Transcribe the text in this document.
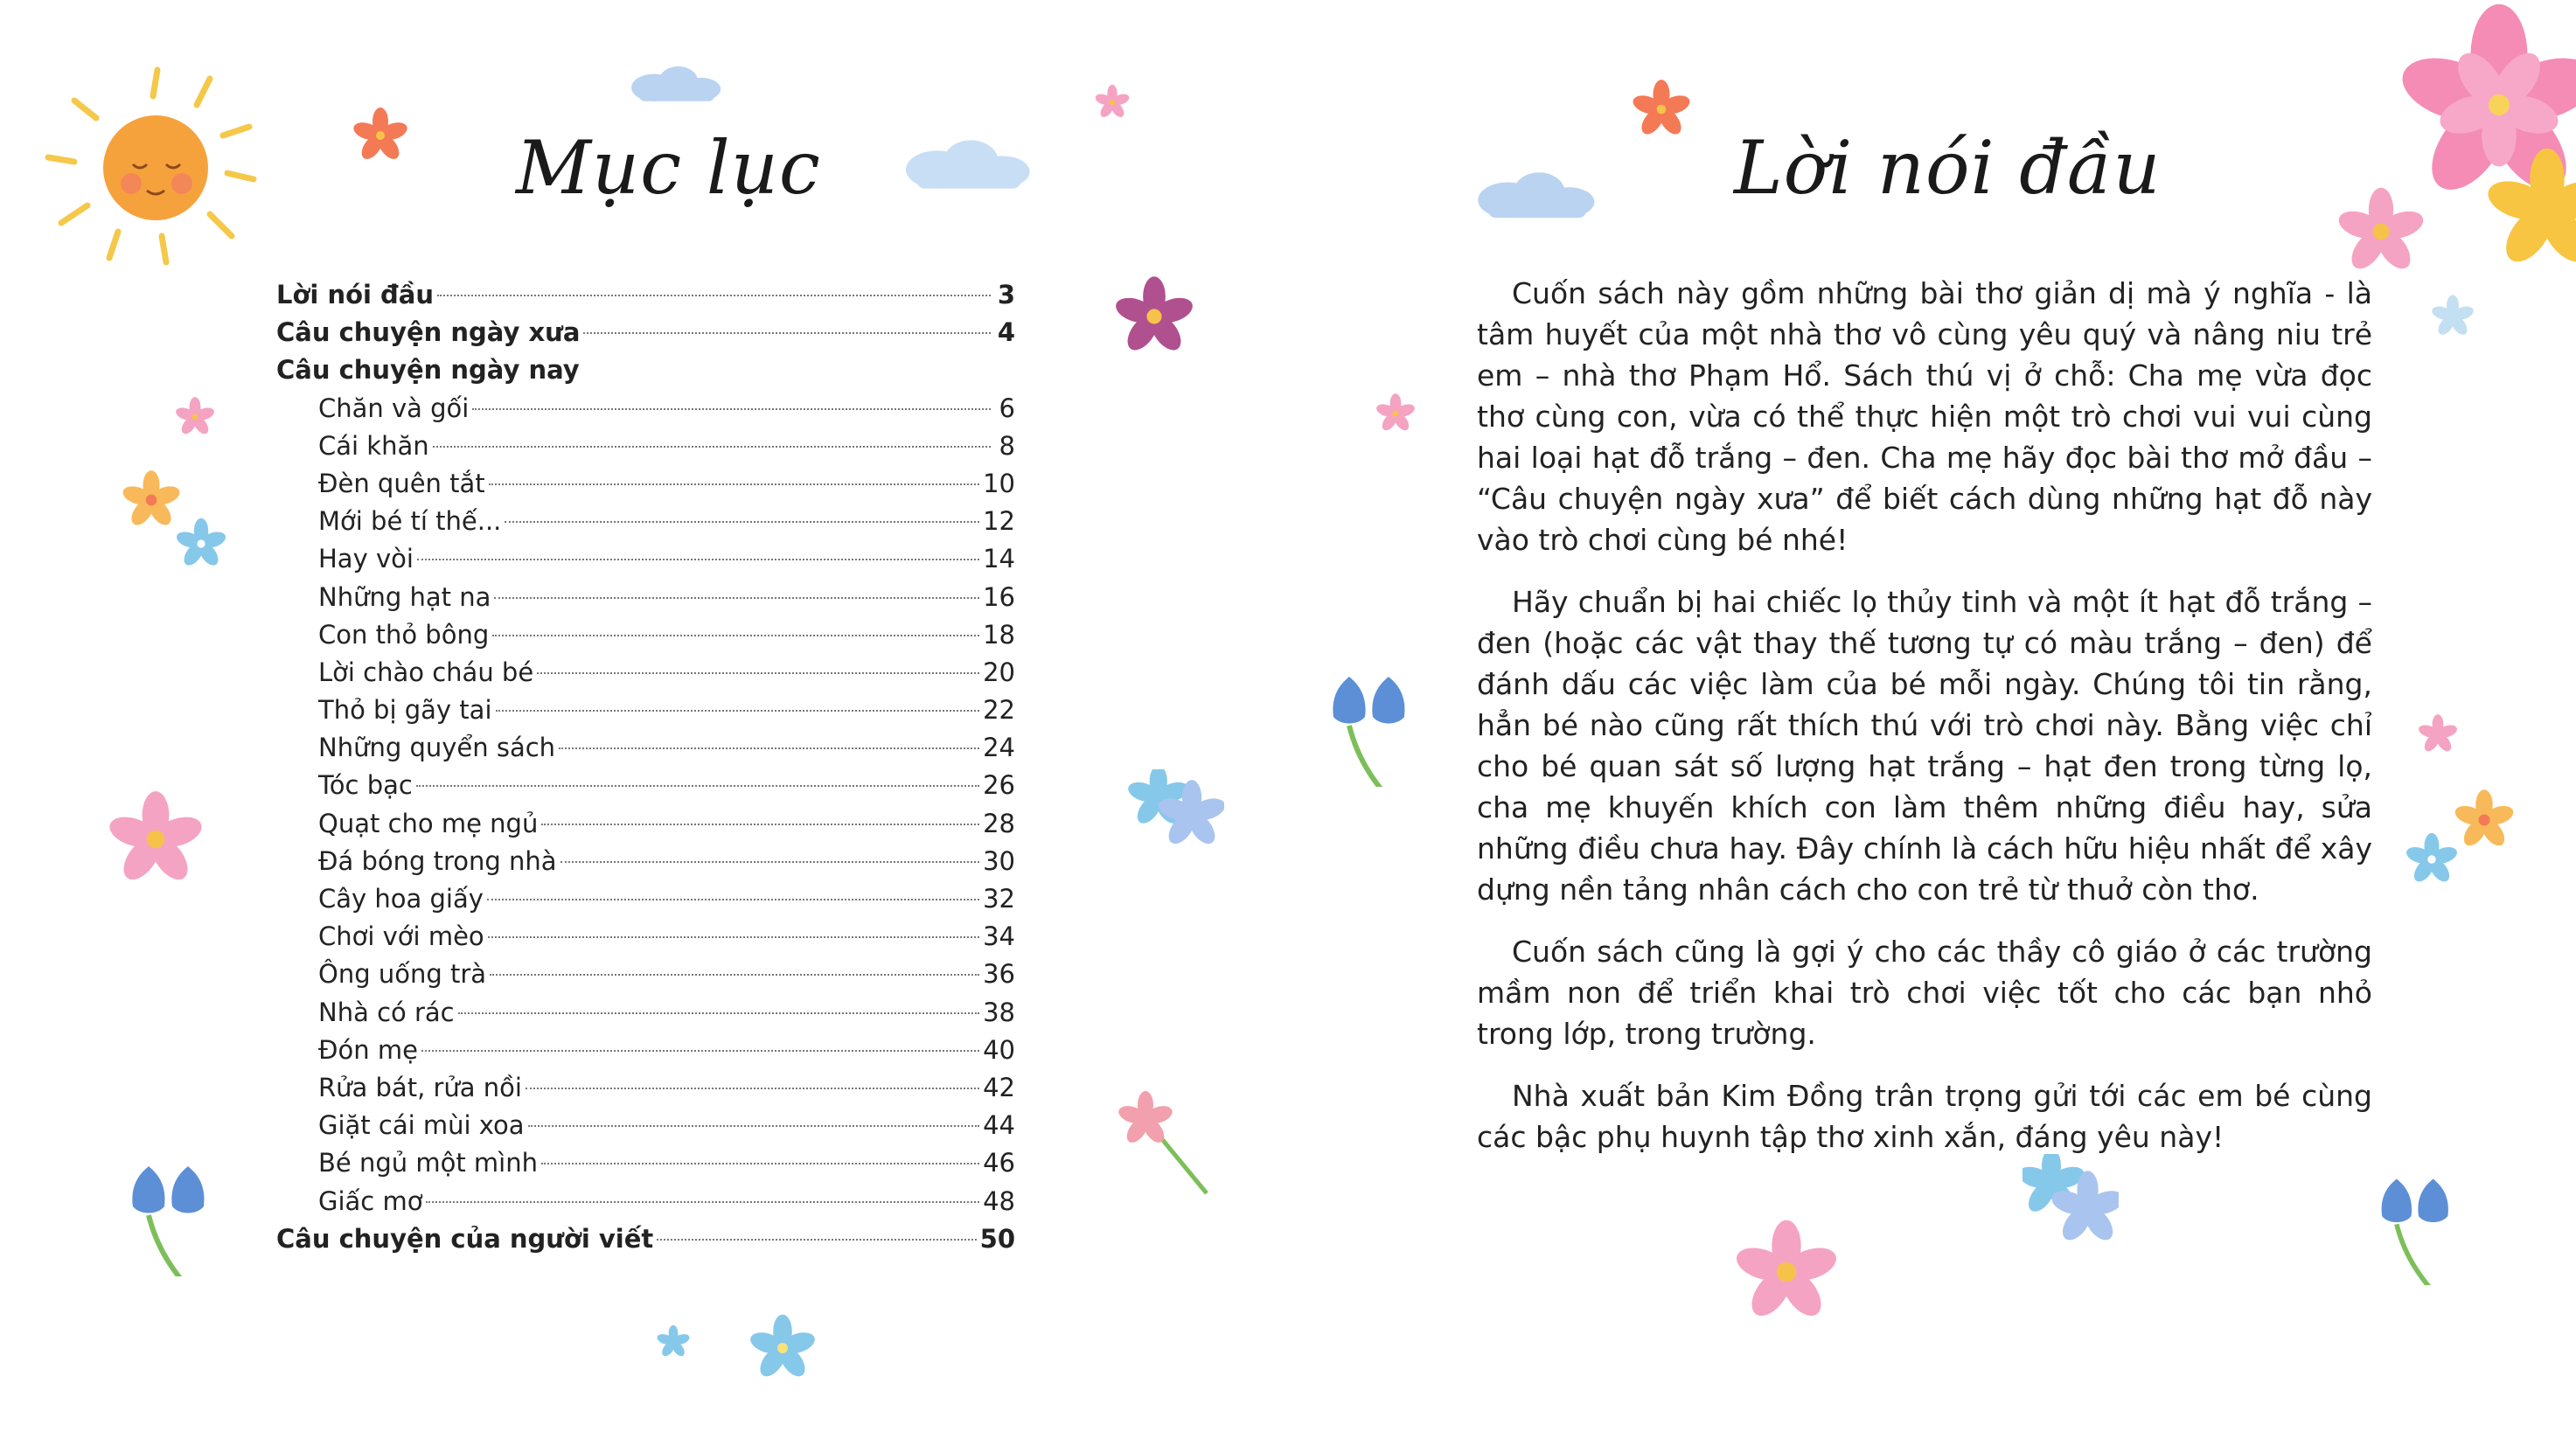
Mục lục
Lời nói đầu	3
Câu chuyện ngày xưa	4
Câu chuyện ngày nay
Chăn và gối	6
Cái khăn	8
Đèn quên tắt	10
Mới bé tí thế...	12
Hay vòi	14
Những hạt na	16
Con thỏ bông	18
Lời chào cháu bé	20
Thỏ bị gãy tai	22
Những quyển sách	24
Tóc bạc	26
Quạt cho mẹ ngủ	28
Đá bóng trong nhà	30
Cây hoa giấy	32
Chơi với mèo	34
Ông uống trà	36
Nhà có rác	38
Đón mẹ	40
Rửa bát, rửa nồi	42
Giặt cái mùi xoa	44
Bé ngủ một mình	46
Giấc mơ	48
Câu chuyện của người viết	50
Lời nói đầu

Cuốn sách này gồm những bài thơ giản dị mà ý nghĩa - là tâm huyết của một nhà thơ vô cùng yêu quý và nâng niu trẻ em – nhà thơ Phạm Hổ. Sách thú vị ở chỗ: Cha mẹ vừa đọc thơ cùng con, vừa có thể thực hiện một trò chơi vui vui cùng hai loại hạt đỗ trắng – đen. Cha mẹ hãy đọc bài thơ mở đầu – “Câu chuyện ngày xưa” để biết cách dùng những hạt đỗ này vào trò chơi cùng bé nhé!

Hãy chuẩn bị hai chiếc lọ thủy tinh và một ít hạt đỗ trắng – đen (hoặc các vật thay thế tương tự có màu trắng – đen) để đánh dấu các việc làm của bé mỗi ngày. Chúng tôi tin rằng, hẳn bé nào cũng rất thích thú với trò chơi này. Bằng việc chỉ cho bé quan sát số lượng hạt trắng – hạt đen trong từng lọ, cha mẹ khuyến khích con làm thêm những điều hay, sửa những điều chưa hay. Đây chính là cách hữu hiệu nhất để xây dựng nền tảng nhân cách cho con trẻ từ thuở còn thơ.

Cuốn sách cũng là gợi ý cho các thầy cô giáo ở các trường mầm non để triển khai trò chơi việc tốt cho các bạn nhỏ trong lớp, trong trường.

Nhà xuất bản Kim Đồng trân trọng gửi tới các em bé cùng các bậc phụ huynh tập thơ xinh xắn, đáng yêu này!
